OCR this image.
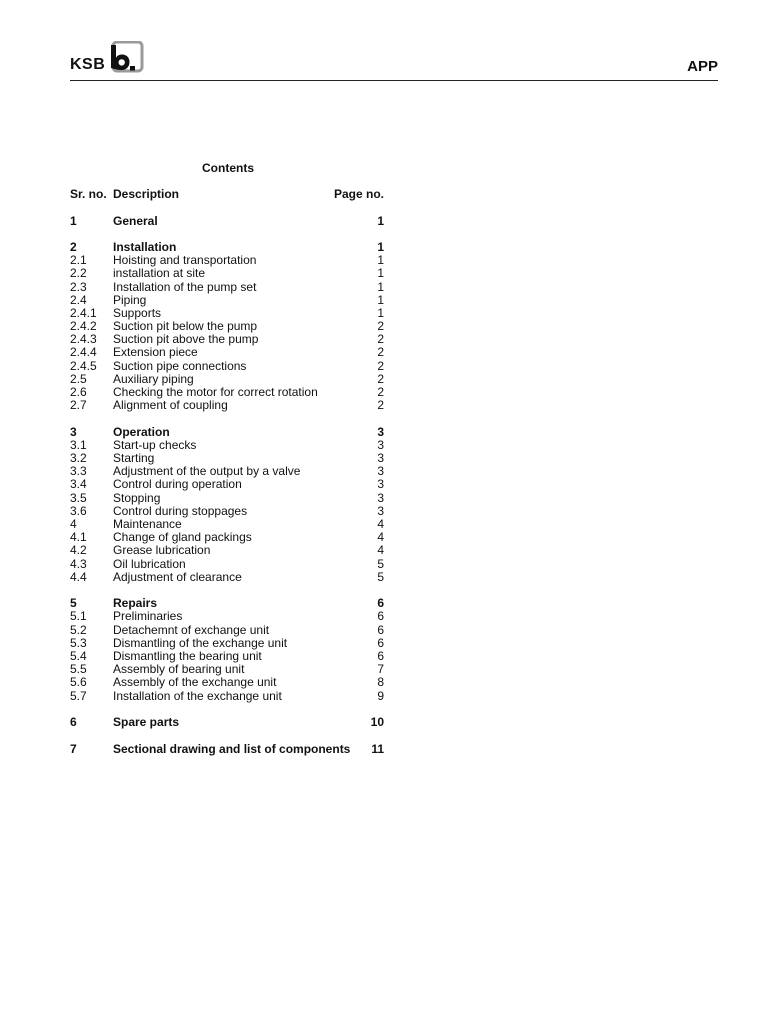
KSB	APP
Contents
Sr. no. Description	Page no.
1	General	1
2	Installation	1
2.1 Hoisting and transportation	1
2.2 installation at site	1
2.3 Installation of the pump set	1
2.4 Piping	1
2.4.1 Supports	1
2.4.2 Suction pit below the pump	2
2.4.3 Suction pit above the pump	2
2.4.4 Extension piece	2
2.4.5 Suction pipe connections	2
2.5 Auxiliary piping	2
2.6 Checking the motor for correct rotation	2
2.7 Alignment of coupling	2
3	Operation	3
3.1 Start-up checks	3
3.2 Starting	3
3.3 Adjustment of the output by a valve	3
3.4 Control during operation	3
3.5 Stopping	3
3.6 Control during stoppages	3
4	Maintenance	4
4.1 Change of gland packings	4
4.2 Grease lubrication	4
4.3 Oil lubrication	5
4.4 Adjustment of clearance	5
5	Repairs	6
5.1 Preliminaries	6
5.2 Detachemnt of exchange unit	6
5.3 Dismantling of the exchange unit	6
5.4 Dismantling the bearing unit	6
5.5 Assembly of bearing unit	7
5.6 Assembly of the exchange unit	8
5.7 Installation of the exchange unit	9
6	Spare parts	10
7	Sectional drawing and list of components 11
